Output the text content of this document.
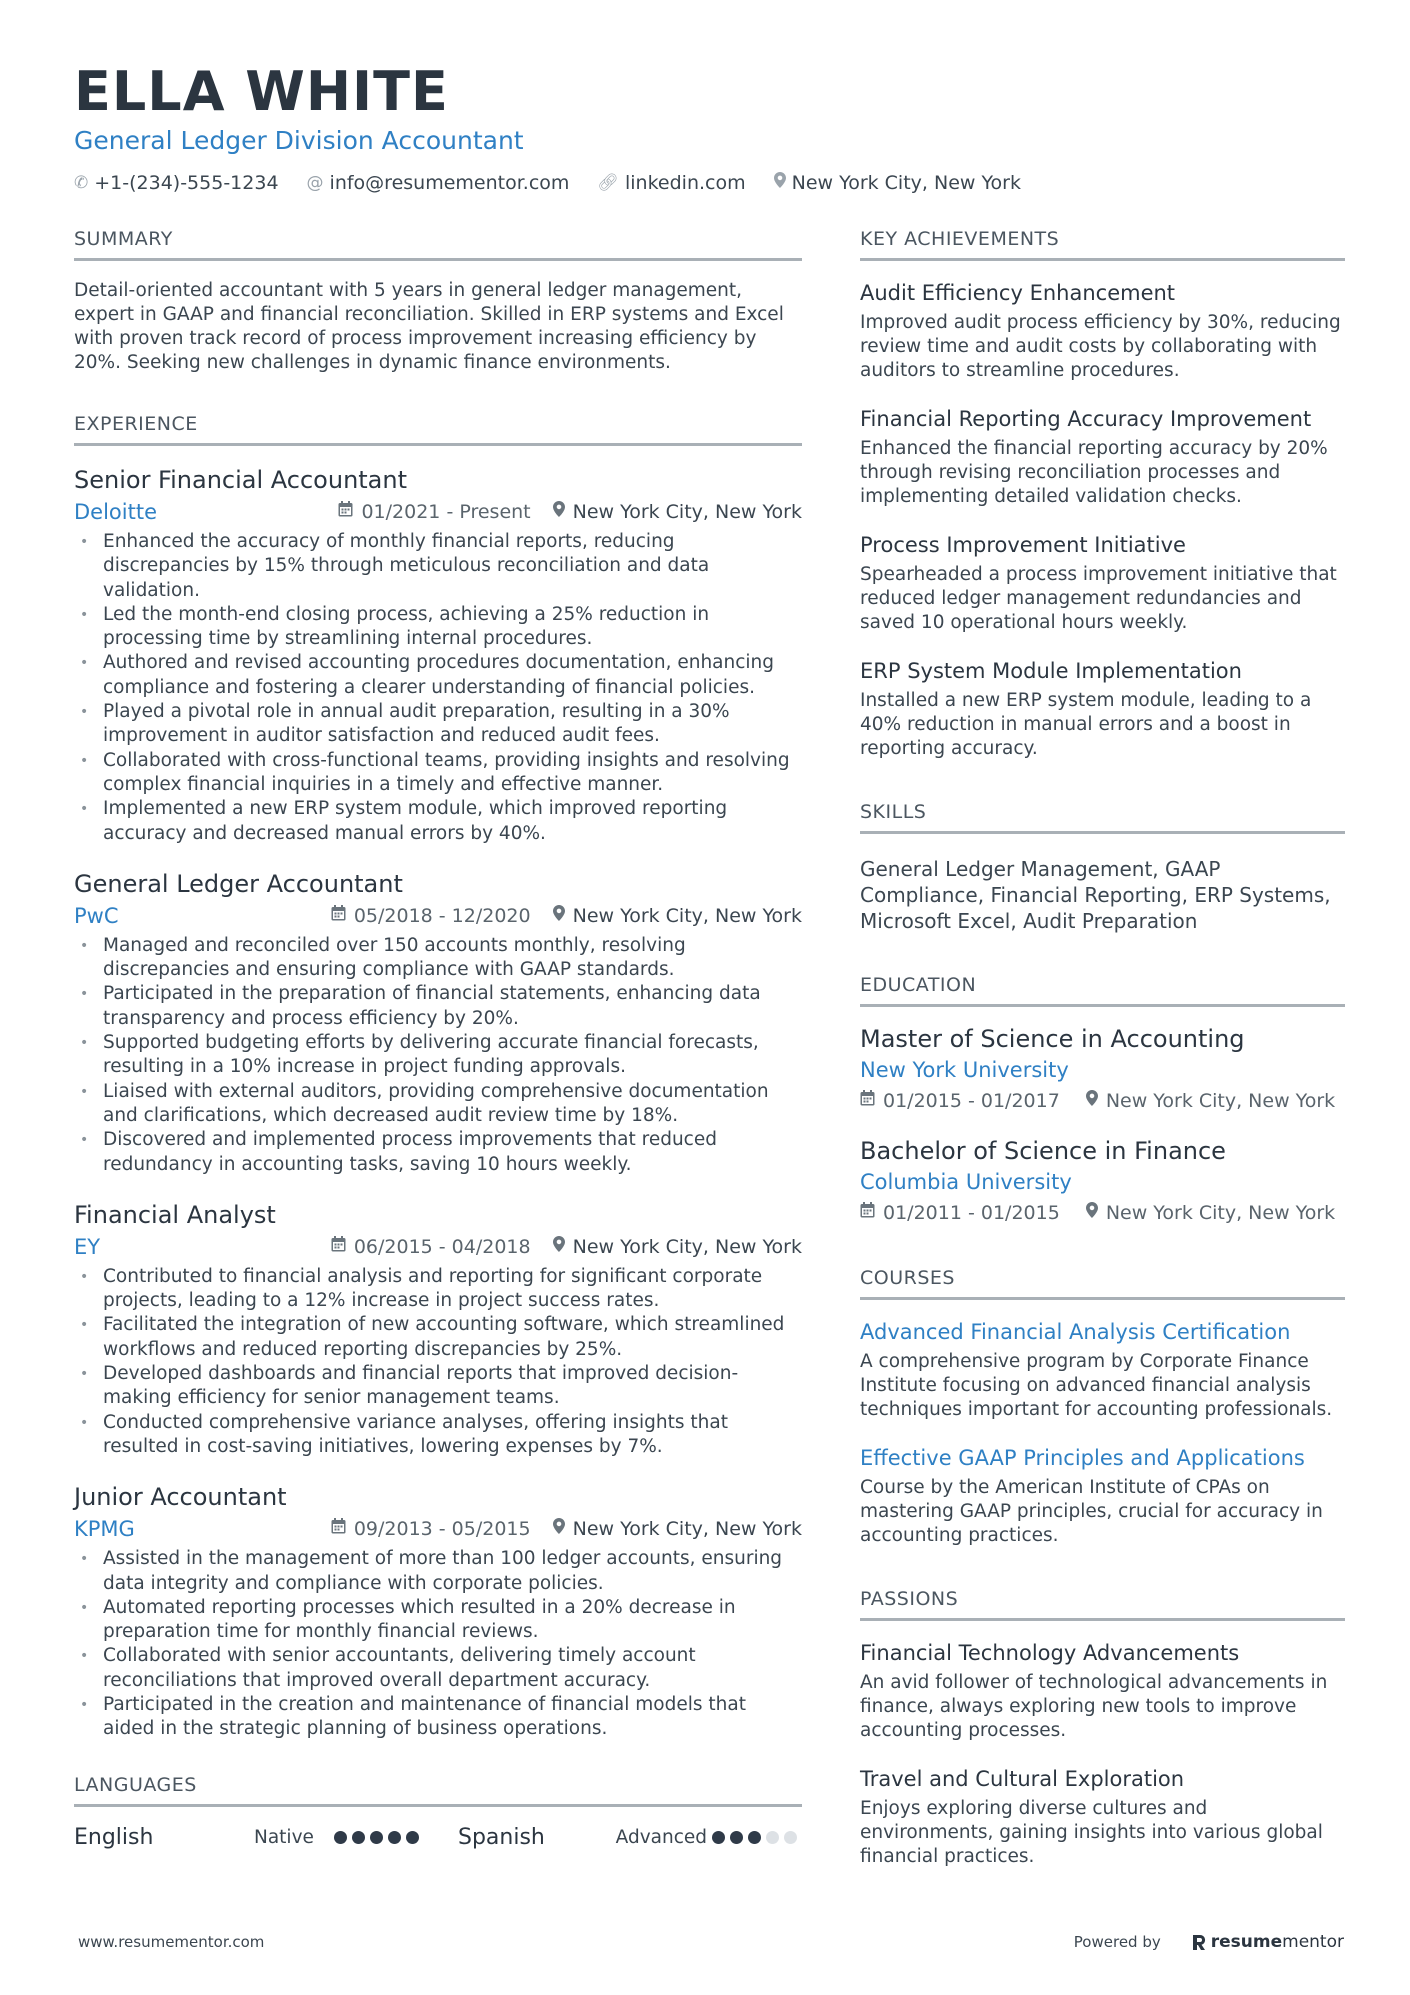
ELLA WHITE
General Ledger Division Accountant
✆ +1-(234)-555-1234 @ info@resumementor.com 🔗︎ linkedin.com New York City, New York
SUMMARY
Detail-oriented accountant with 5 years in general ledger management, expert in GAAP and financial reconciliation. Skilled in ERP systems and Excel with proven track record of process improvement increasing efficiency by 20%. Seeking new challenges in dynamic finance environments.
EXPERIENCE
Senior Financial Accountant
Deloitte	01/2021 - Present New York City, New York
• Enhanced the accuracy of monthly financial reports, reducing discrepancies by 15% through meticulous reconciliation and data validation.
• Led the month-end closing process, achieving a 25% reduction in processing time by streamlining internal procedures.
• Authored and revised accounting procedures documentation, enhancing compliance and fostering a clearer understanding of financial policies.
• Played a pivotal role in annual audit preparation, resulting in a 30% improvement in auditor satisfaction and reduced audit fees.
• Collaborated with cross-functional teams, providing insights and resolving complex financial inquiries in a timely and effective manner.
• Implemented a new ERP system module, which improved reporting accuracy and decreased manual errors by 40%.
General Ledger Accountant
PwC	05/2018 - 12/2020 New York City, New York
• Managed and reconciled over 150 accounts monthly, resolving discrepancies and ensuring compliance with GAAP standards.
• Participated in the preparation of financial statements, enhancing data transparency and process efficiency by 20%.
• Supported budgeting efforts by delivering accurate financial forecasts, resulting in a 10% increase in project funding approvals.
• Liaised with external auditors, providing comprehensive documentation and clarifications, which decreased audit review time by 18%.
• Discovered and implemented process improvements that reduced redundancy in accounting tasks, saving 10 hours weekly.
Financial Analyst
EY	06/2015 - 04/2018 New York City, New York
• Contributed to financial analysis and reporting for significant corporate projects, leading to a 12% increase in project success rates.
• Facilitated the integration of new accounting software, which streamlined workflows and reduced reporting discrepancies by 25%.
• Developed dashboards and financial reports that improved decision-making efficiency for senior management teams.
• Conducted comprehensive variance analyses, offering insights that resulted in cost-saving initiatives, lowering expenses by 7%.
Junior Accountant
KPMG	09/2013 - 05/2015 New York City, New York
• Assisted in the management of more than 100 ledger accounts, ensuring data integrity and compliance with corporate policies.
• Automated reporting processes which resulted in a 20% decrease in preparation time for monthly financial reviews.
• Collaborated with senior accountants, delivering timely account reconciliations that improved overall department accuracy.
• Participated in the creation and maintenance of financial models that aided in the strategic planning of business operations.
LANGUAGES
English	Native	Spanish	Advanced
KEY ACHIEVEMENTS
Audit Efficiency Enhancement
Improved audit process efficiency by 30%, reducing review time and audit costs by collaborating with auditors to streamline procedures.
Financial Reporting Accuracy Improvement
Enhanced the financial reporting accuracy by 20% through revising reconciliation processes and implementing detailed validation checks.
Process Improvement Initiative
Spearheaded a process improvement initiative that reduced ledger management redundancies and saved 10 operational hours weekly.
ERP System Module Implementation
Installed a new ERP system module, leading to a 40% reduction in manual errors and a boost in reporting accuracy.
SKILLS
General Ledger Management, GAAP Compliance, Financial Reporting, ERP Systems, Microsoft Excel, Audit Preparation
EDUCATION
Master of Science in Accounting
New York University
01/2015 - 01/2017 New York City, New York
Bachelor of Science in Finance
Columbia University
01/2011 - 01/2015 New York City, New York
COURSES
Advanced Financial Analysis Certification
A comprehensive program by Corporate Finance Institute focusing on advanced financial analysis techniques important for accounting professionals.
Effective GAAP Principles and Applications
Course by the American Institute of CPAs on mastering GAAP principles, crucial for accuracy in accounting practices.
PASSIONS
Financial Technology Advancements
An avid follower of technological advancements in finance, always exploring new tools to improve accounting processes.
Travel and Cultural Exploration
Enjoys exploring diverse cultures and environments, gaining insights into various global financial practices.
www.resumementor.com	Powered by	resume mentor
